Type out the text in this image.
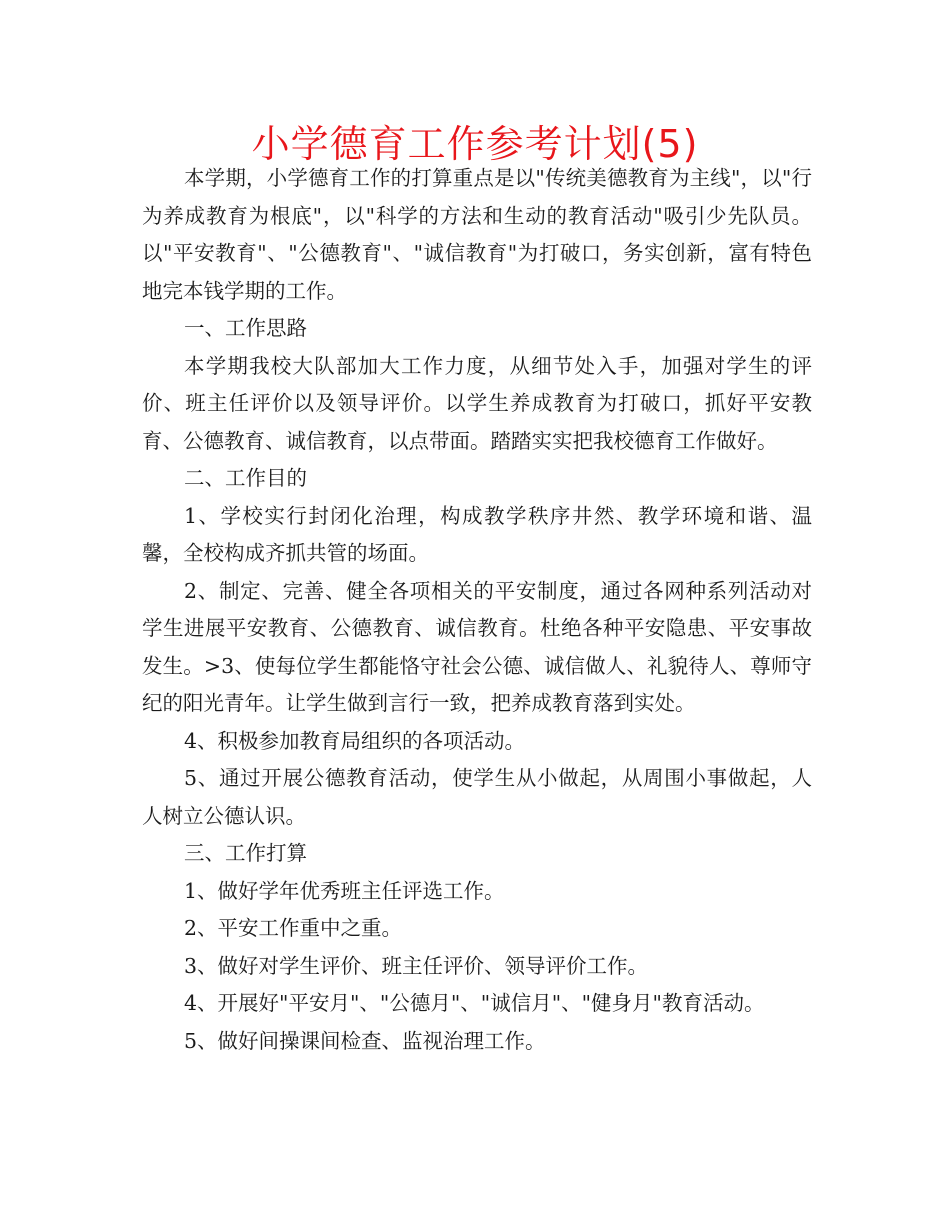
小学德育工作参考计划(5)

本学期，小学德育工作的打算重点是以"传统美德教育为主线"，以"行为养成教育为根底"，以"科学的方法和生动的教育活动"吸引少先队员。以"平安教育"、"公德教育"、"诚信教育"为打破口，务实创新，富有特色地完本钱学期的工作。

一、工作思路

本学期我校大队部加大工作力度，从细节处入手，加强对学生的评价、班主任评价以及领导评价。以学生养成教育为打破口，抓好平安教育、公德教育、诚信教育，以点带面。踏踏实实把我校德育工作做好。

二、工作目的

1、学校实行封闭化治理，构成教学秩序井然、教学环境和谐、温馨，全校构成齐抓共管的场面。

2、制定、完善、健全各项相关的平安制度，通过各网种系列活动对学生进展平安教育、公德教育、诚信教育。杜绝各种平安隐患、平安事故发生。>3、使每位学生都能恪守社会公德、诚信做人、礼貌待人、尊师守纪的阳光青年。让学生做到言行一致，把养成教育落到实处。

4、积极参加教育局组织的各项活动。

5、通过开展公德教育活动，使学生从小做起，从周围小事做起，人人树立公德认识。

三、工作打算

1、做好学年优秀班主任评选工作。

2、平安工作重中之重。

3、做好对学生评价、班主任评价、领导评价工作。

4、开展好"平安月"、"公德月"、"诚信月"、"健身月"教育活动。

5、做好间操课间检查、监视治理工作。
